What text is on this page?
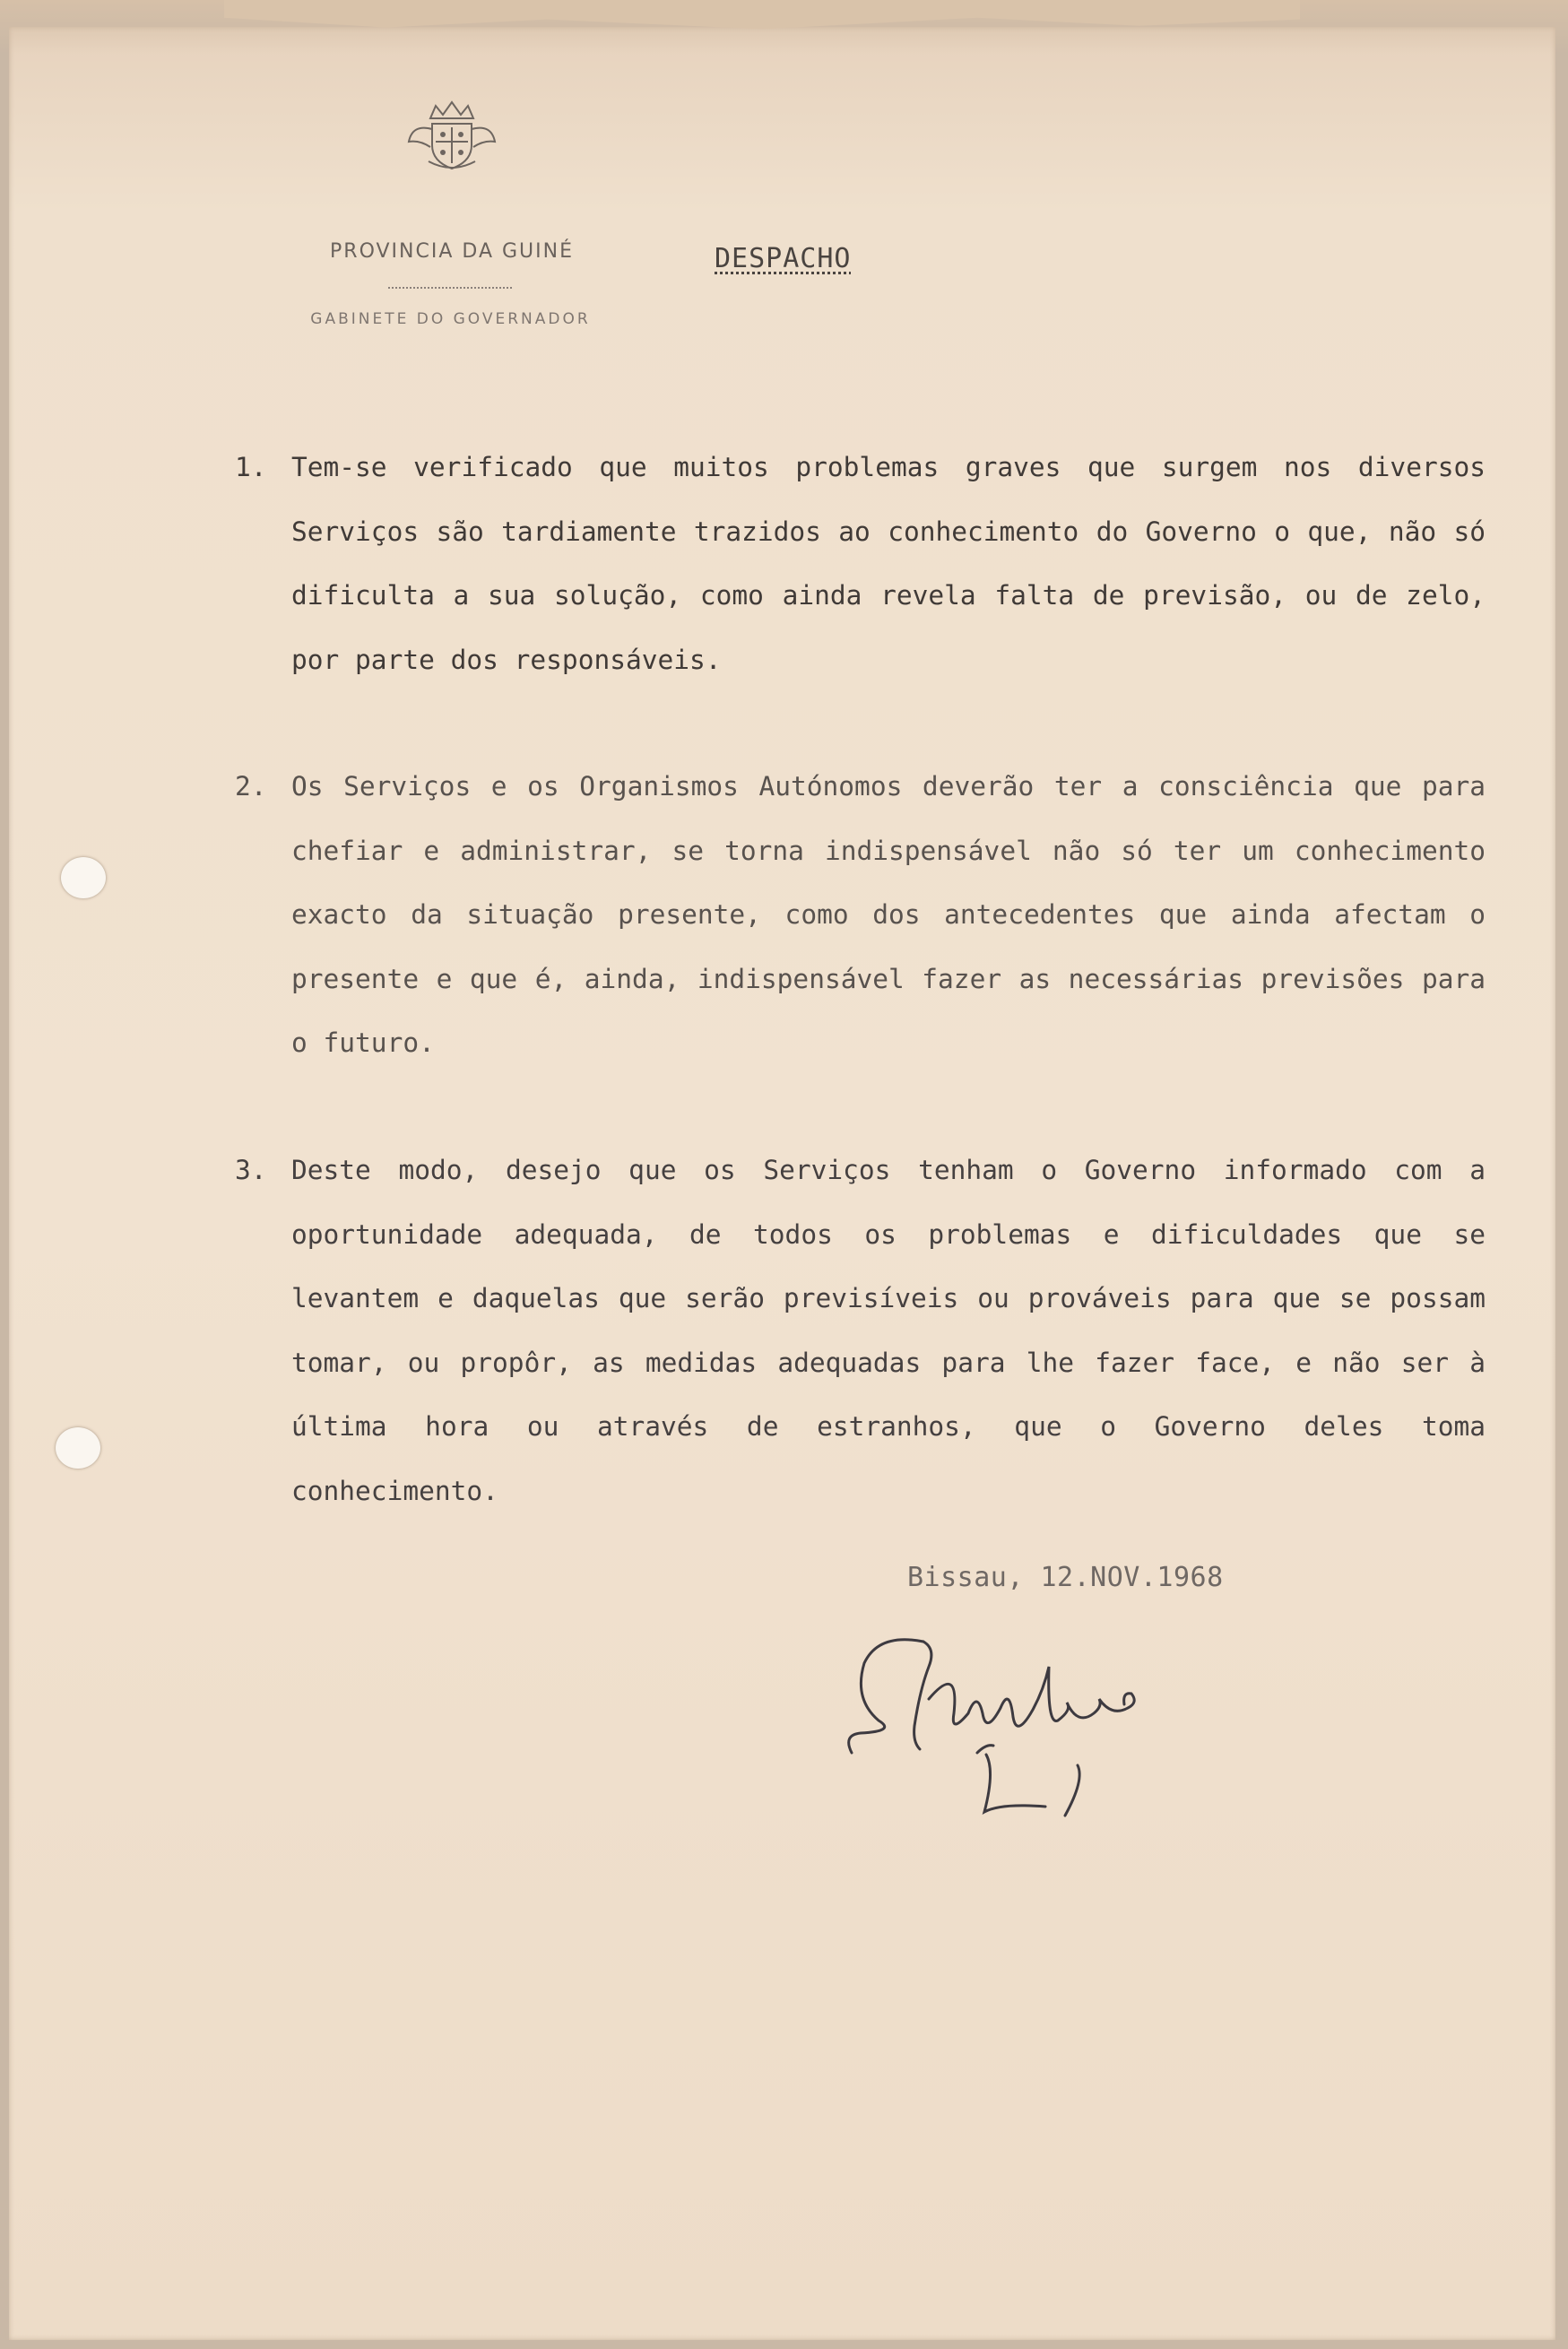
PROVINCIA DA GUINÉ
GABINETE DO GOVERNADOR
DESPACHO
1. Tem-se verificado que muitos problemas graves que surgem nos diversos Serviços são tardiamente trazidos ao conhecimento do Governo o que, não só dificulta a sua solução, como ainda revela falta de previsão, ou de zelo, por parte dos responsáveis.
2. Os Serviços e os Organismos Autónomos deverão ter a consciência que para chefiar e administrar, se torna indispensável não só ter um conhecimento exacto da situação presente, como dos antecedentes que ainda afectam o presente e que é, ainda, indispensável fazer as necessárias previsões para o futuro.
3. Deste modo, desejo que os Serviços tenham o Governo informado com a oportunidade adequada, de todos os problemas e dificuldades que se levantem e daquelas que serão previsíveis ou prováveis para que se possam tomar, ou propôr, as medidas adequadas para lhe fazer face, e não ser à última hora ou através de estranhos, que o Governo deles toma conhecimento.
Bissau, 12.NOV.1968
